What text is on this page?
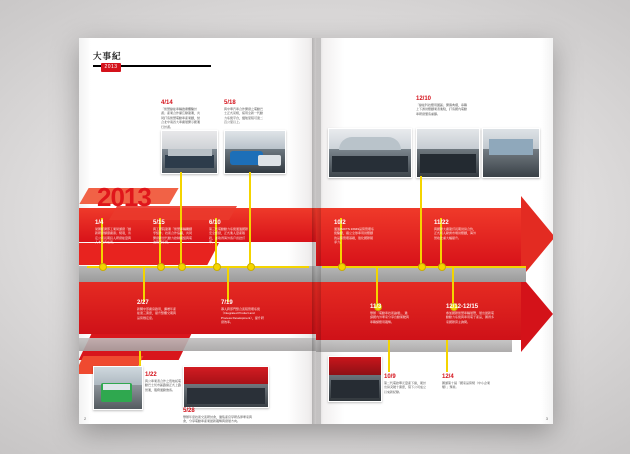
大事紀
2013
2013
4/14
「智慧綠能車輛推廣體驗計畫」產業合作備忘錄簽署，共同打造智慧電動車產業鏈，結合北中南四大車廠展開示範運行計畫。
5/18
與中華汽車合作開發之電動巴士正式亮相，採用全新一代動力系統平台，續航里程可達二百公里以上。
1/4
榮獲經濟部工業局頒發「創新研發績優廠商」獎項，肯定公司長期投入研發能量與人才培育成果。
5/15
與工研院簽署「智慧車輛關鍵零組件」技術合作協議，共同開發新世代動力控制模組與電池管理系統。
6/10
第三代電動動力系統通過國際安全認證，正式進入量產階段，並取得海外客戶首批訂單。
2/27
新購中部廠房啟用，擴增年產能達三萬套，提升整體交期與品質穩定度。
7/19
導入跨部門整合流程管理系統（Integrated Product and Process Development），提升研發效率。
1/22
與公車業者合作之低地板電動巴士於市區路線正式上路營運，服務通勤旅客。
5/28
舉辦年度技術交流研討會，邀集產官學研各界專家與會，分享電動車產業最新趨勢與發展方向。
2
12/10
「綠能科技應用園區」開幕典禮，串聯上下游供應鏈業者進駐，打造國內電動車研發製造重鎮。
10/2
通過ISO/TS 16949品質管理系統驗證，確立全球車用供應鏈的品質管理基礎，強化國際競爭力。
11/22
與國際大廠簽訂長期供貨合約，正式切入歐洲市場供應鏈，海外營收比重大幅提升。
11/3
舉辦「電動車技術論壇」，邀請國內外專家分享自動駕駛與車聯網應用趨勢。
12/12-12/15
參加國際智慧車輛展覽，展出最新電動動力系統與車用電子產品，獲得多家國際買主詢問。
10/9
第二代電控單元量產下線，累計出貨突破十萬套，寫下公司成立以來新紀錄。
12/4
獲頒第十屆「國家品質獎（中小企業類）」殊榮。
3
